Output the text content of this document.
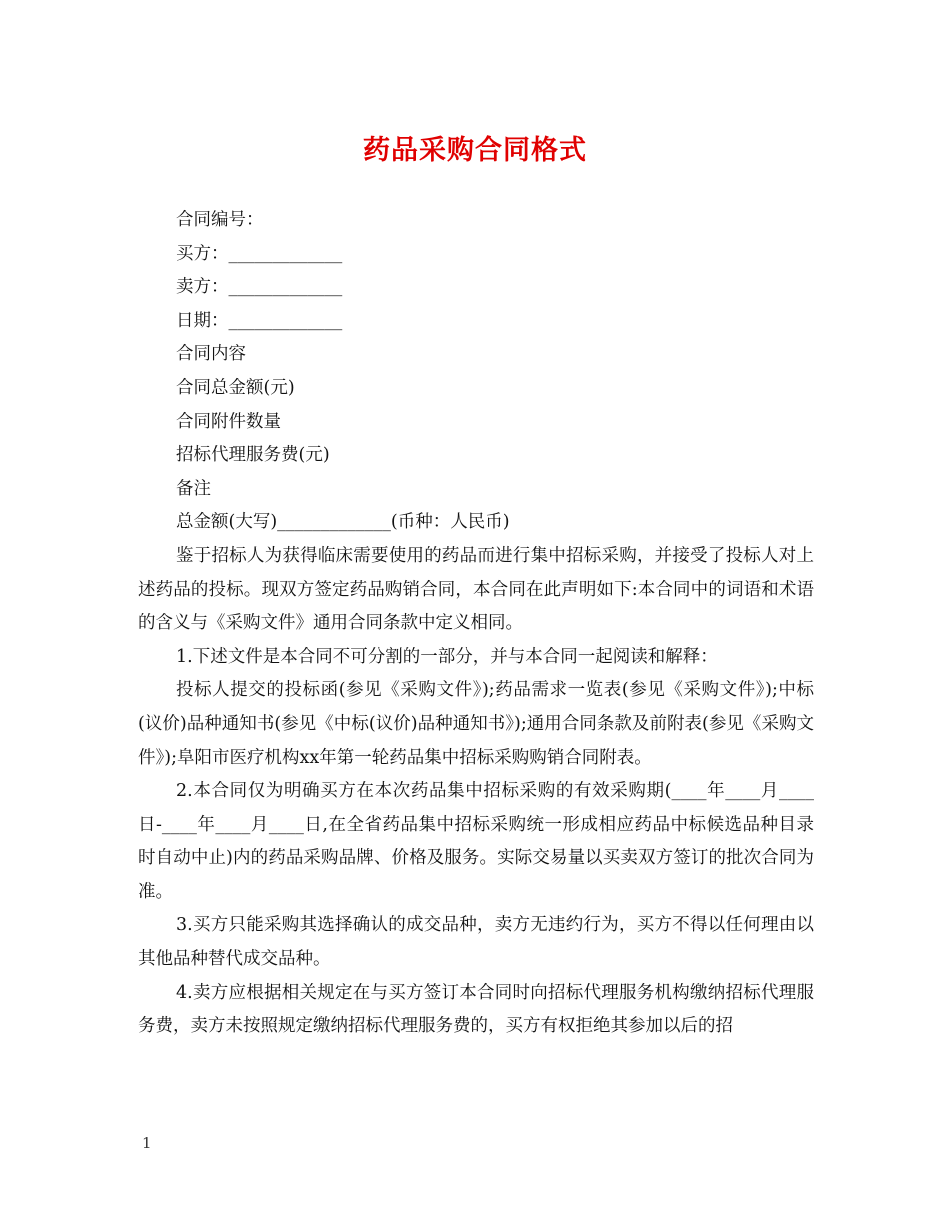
药品采购合同格式
合同编号：
买方：_____________
卖方：_____________
日期：_____________
合同内容
合同总金额(元)
合同附件数量
招标代理服务费(元)
备注
总金额(大写)_____________(币种：人民币)

鉴于招标人为获得临床需要使用的药品而进行集中招标采购，并接受了投标人对上述药品的投标。现双方签定药品购销合同，本合同在此声明如下:本合同中的词语和术语的含义与《采购文件》通用合同条款中定义相同。

1.下述文件是本合同不可分割的一部分，并与本合同一起阅读和解释：

投标人提交的投标函(参见《采购文件》);药品需求一览表(参见《采购文件》);中标(议价)品种通知书(参见《中标(议价)品种通知书》);通用合同条款及前附表(参见《采购文件》);阜阳市医疗机构xx年第一轮药品集中招标采购购销合同附表。

2.本合同仅为明确买方在本次药品集中招标采购的有效采购期(____年____月____日-____年____月____日,在全省药品集中招标采购统一形成相应药品中标候选品种目录时自动中止)内的药品采购品牌、价格及服务。实际交易量以买卖双方签订的批次合同为准。

3.买方只能采购其选择确认的成交品种，卖方无违约行为，买方不得以任何理由以其他品种替代成交品种。

4.卖方应根据相关规定在与买方签订本合同时向招标代理服务机构缴纳招标代理服务费，卖方未按照规定缴纳招标代理服务费的，买方有权拒绝其参加以后的招

1
